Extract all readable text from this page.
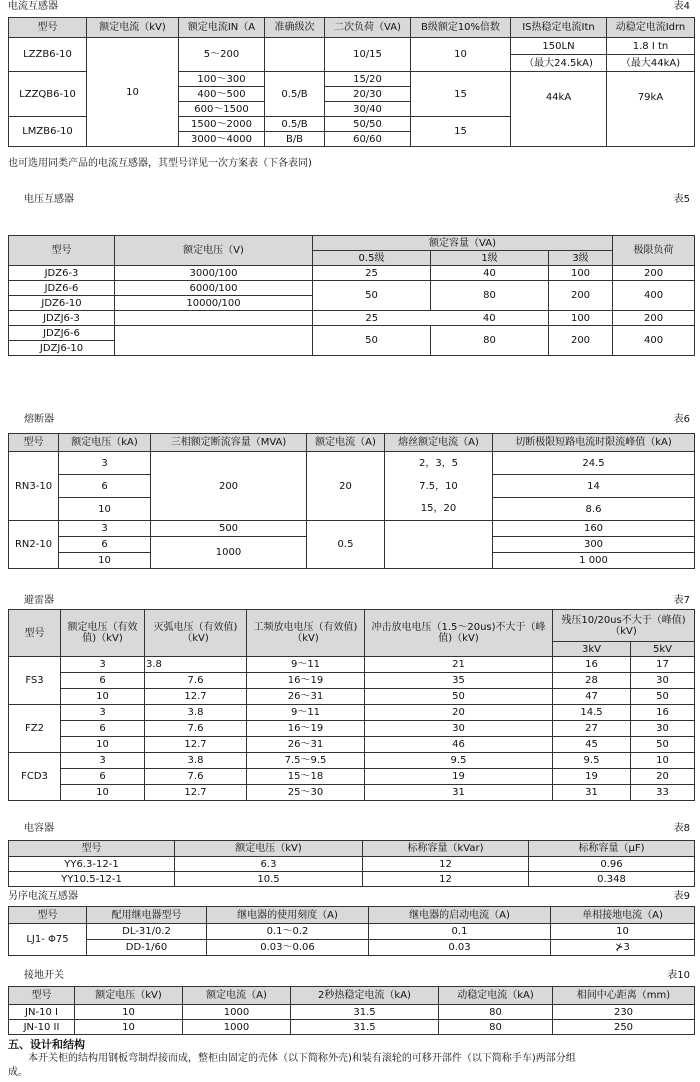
电流互感器	表4
型号	额定电流（kV)	额定电流IN（A	准确级次	二次负荷（VA)	B级额定10%倍数	IS热稳定电流Itn	动稳定电流Idrn
LZZB6-10	10	5～200		10/15	10	150LN	1.8 I tn
						（最大24.5kA)	（最大44kA)
LZZQB6-10		100～300	0.5/B	15/20	15	44kA	79kA
		400～500		20/30			
		600～1500		30/40			
LMZB6-10		1500～2000	0.5/B	50/50	15		
		3000～4000	B/B	60/60			
也可选用同类产品的电流互感器，其型号详见一次方案表（下各表同)
电压互感器	表5
型号	额定电压（V)	额定容量（VA)			极限负荷
		0.5级	1级	3级	
JDZ6-3	3000/100	25	40	100	200
JDZ6-6	6000/100	50	80	200	400
JDZ6-10	10000/100				
JDZJ6-3		25	40	100	200
JDZJ6-6		50	80	200	400
JDZJ6-10					
熔断器	表6
型号	额定电压（kA)	三相额定断流容量（MVA)	额定电流（A)	熔丝额定电流（A)	切断极限短路电流时限流峰值（kA)
RN3-10	3	200	20	2，3，5	24.5
	6			7.5，10	14
	10			15，20	8.6
RN2-10	3	500	0.5		160
	6	1000			300
	10				1 000
避雷器	表7
型号	额定电压（有效值)（kV)	灭弧电压（有效值)（kV)	工频放电电压（有效值)（kV)	冲击放电电压（1.5～20us)不大于（峰值)（kV)	残压10/20us不大于（峰值)（kV)	
					3kV	5kV
FS3	3	3.8	9～11	21	16	17
	6	7.6	16～19	35	28	30
	10	12.7	26～31	50	47	50
FZ2	3	3.8	9～11	20	14.5	16
	6	7.6	16～19	30	27	30
	10	12.7	26～31	46	45	50
FCD3	3	3.8	7.5～9.5	9.5	9.5	10
	6	7.6	15～18	19	19	20
	10	12.7	25～30	31	31	33
电容器	表8
型号	额定电压（kV)	标称容量（kVar)	标称容量（μF)
YY6.3-12-1	6.3	12	0.96
YY10.5-12-1	10.5	12	0.348
另序电流互感器	表9
型号	配用继电器型号	继电器的使用刻度（A)	继电器的启动电流（A)	单相接地电流（A)
LJ1- Φ75	DL-31/0.2	0.1～0.2	0.1	10
	DD-1/60	0.03～0.06	0.03	⊁3
接地开关	表10
型号	额定电压（kV)	额定电流（A)	2秒热稳定电流（kA)	动稳定电流（kA)	相间中心距离（mm)
JN-10 I	10	1000	31.5	80	230
JN-10 II	10	1000	31.5	80	250
五、设计和结构
本开关柜的结构用钢板弯制焊接而成，整柜由固定的壳体（以下简称外壳)和装有滚轮的可移开部件（以下简称手车)两部分组
成。
